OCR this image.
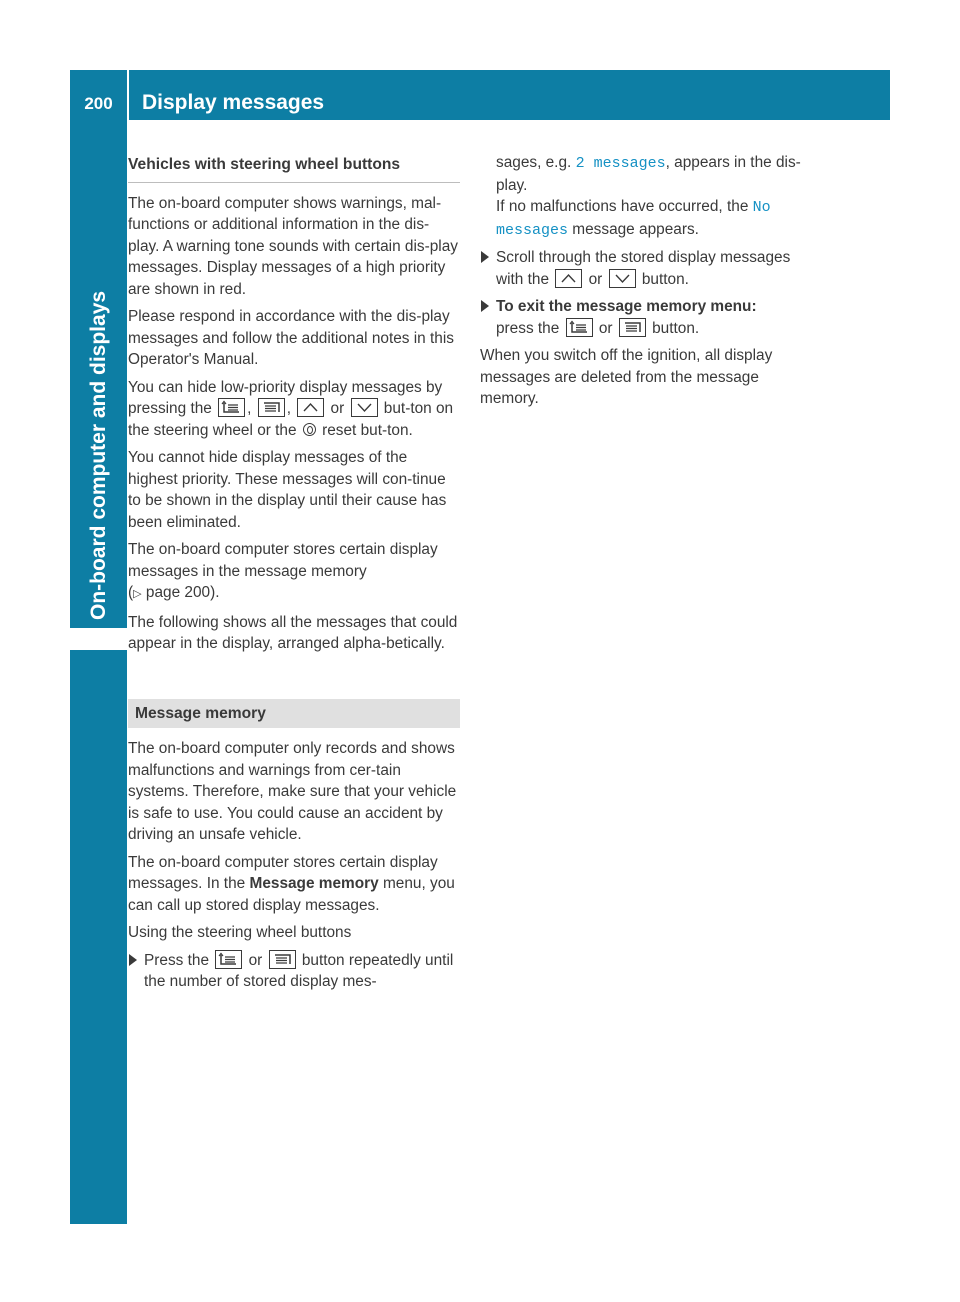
200	Display messages
On-board computer and displays
Vehicles with steering wheel buttons

The on-board computer shows warnings, mal-functions or additional information in the dis-play. A warning tone sounds with certain dis-play messages. Display messages of a high priority are shown in red.

Please respond in accordance with the dis-play messages and follow the additional notes in this Operator's Manual.

You can hide low-priority display messages by pressing the , ,	or	but-ton on the steering wheel or the reset but-ton.

You cannot hide display messages of the highest priority. These messages will con-tinue to be shown in the display until their cause has been eliminated.

The on-board computer stores certain display messages in the message memory
(▷ page 200).

The following shows all the messages that could appear in the display, arranged alpha-betically.

Message memory

The on-board computer only records and shows malfunctions and warnings from cer-tain systems. Therefore, make sure that your vehicle is safe to use. You could cause an accident by driving an unsafe vehicle.

The on-board computer stores certain display messages. In the Message memory menu, you can call up stored display messages.

Using the steering wheel buttons

Press the	or	button repeatedly until the number of stored display mes-
sages, e.g. 2 messages, appears in the dis-play.
If no malfunctions have occurred, the No messages message appears.
Scroll through the stored display messages with the	or	button.
To exit the message memory menu:
press the	or	button.

When you switch off the ignition, all display messages are deleted from the message memory.
